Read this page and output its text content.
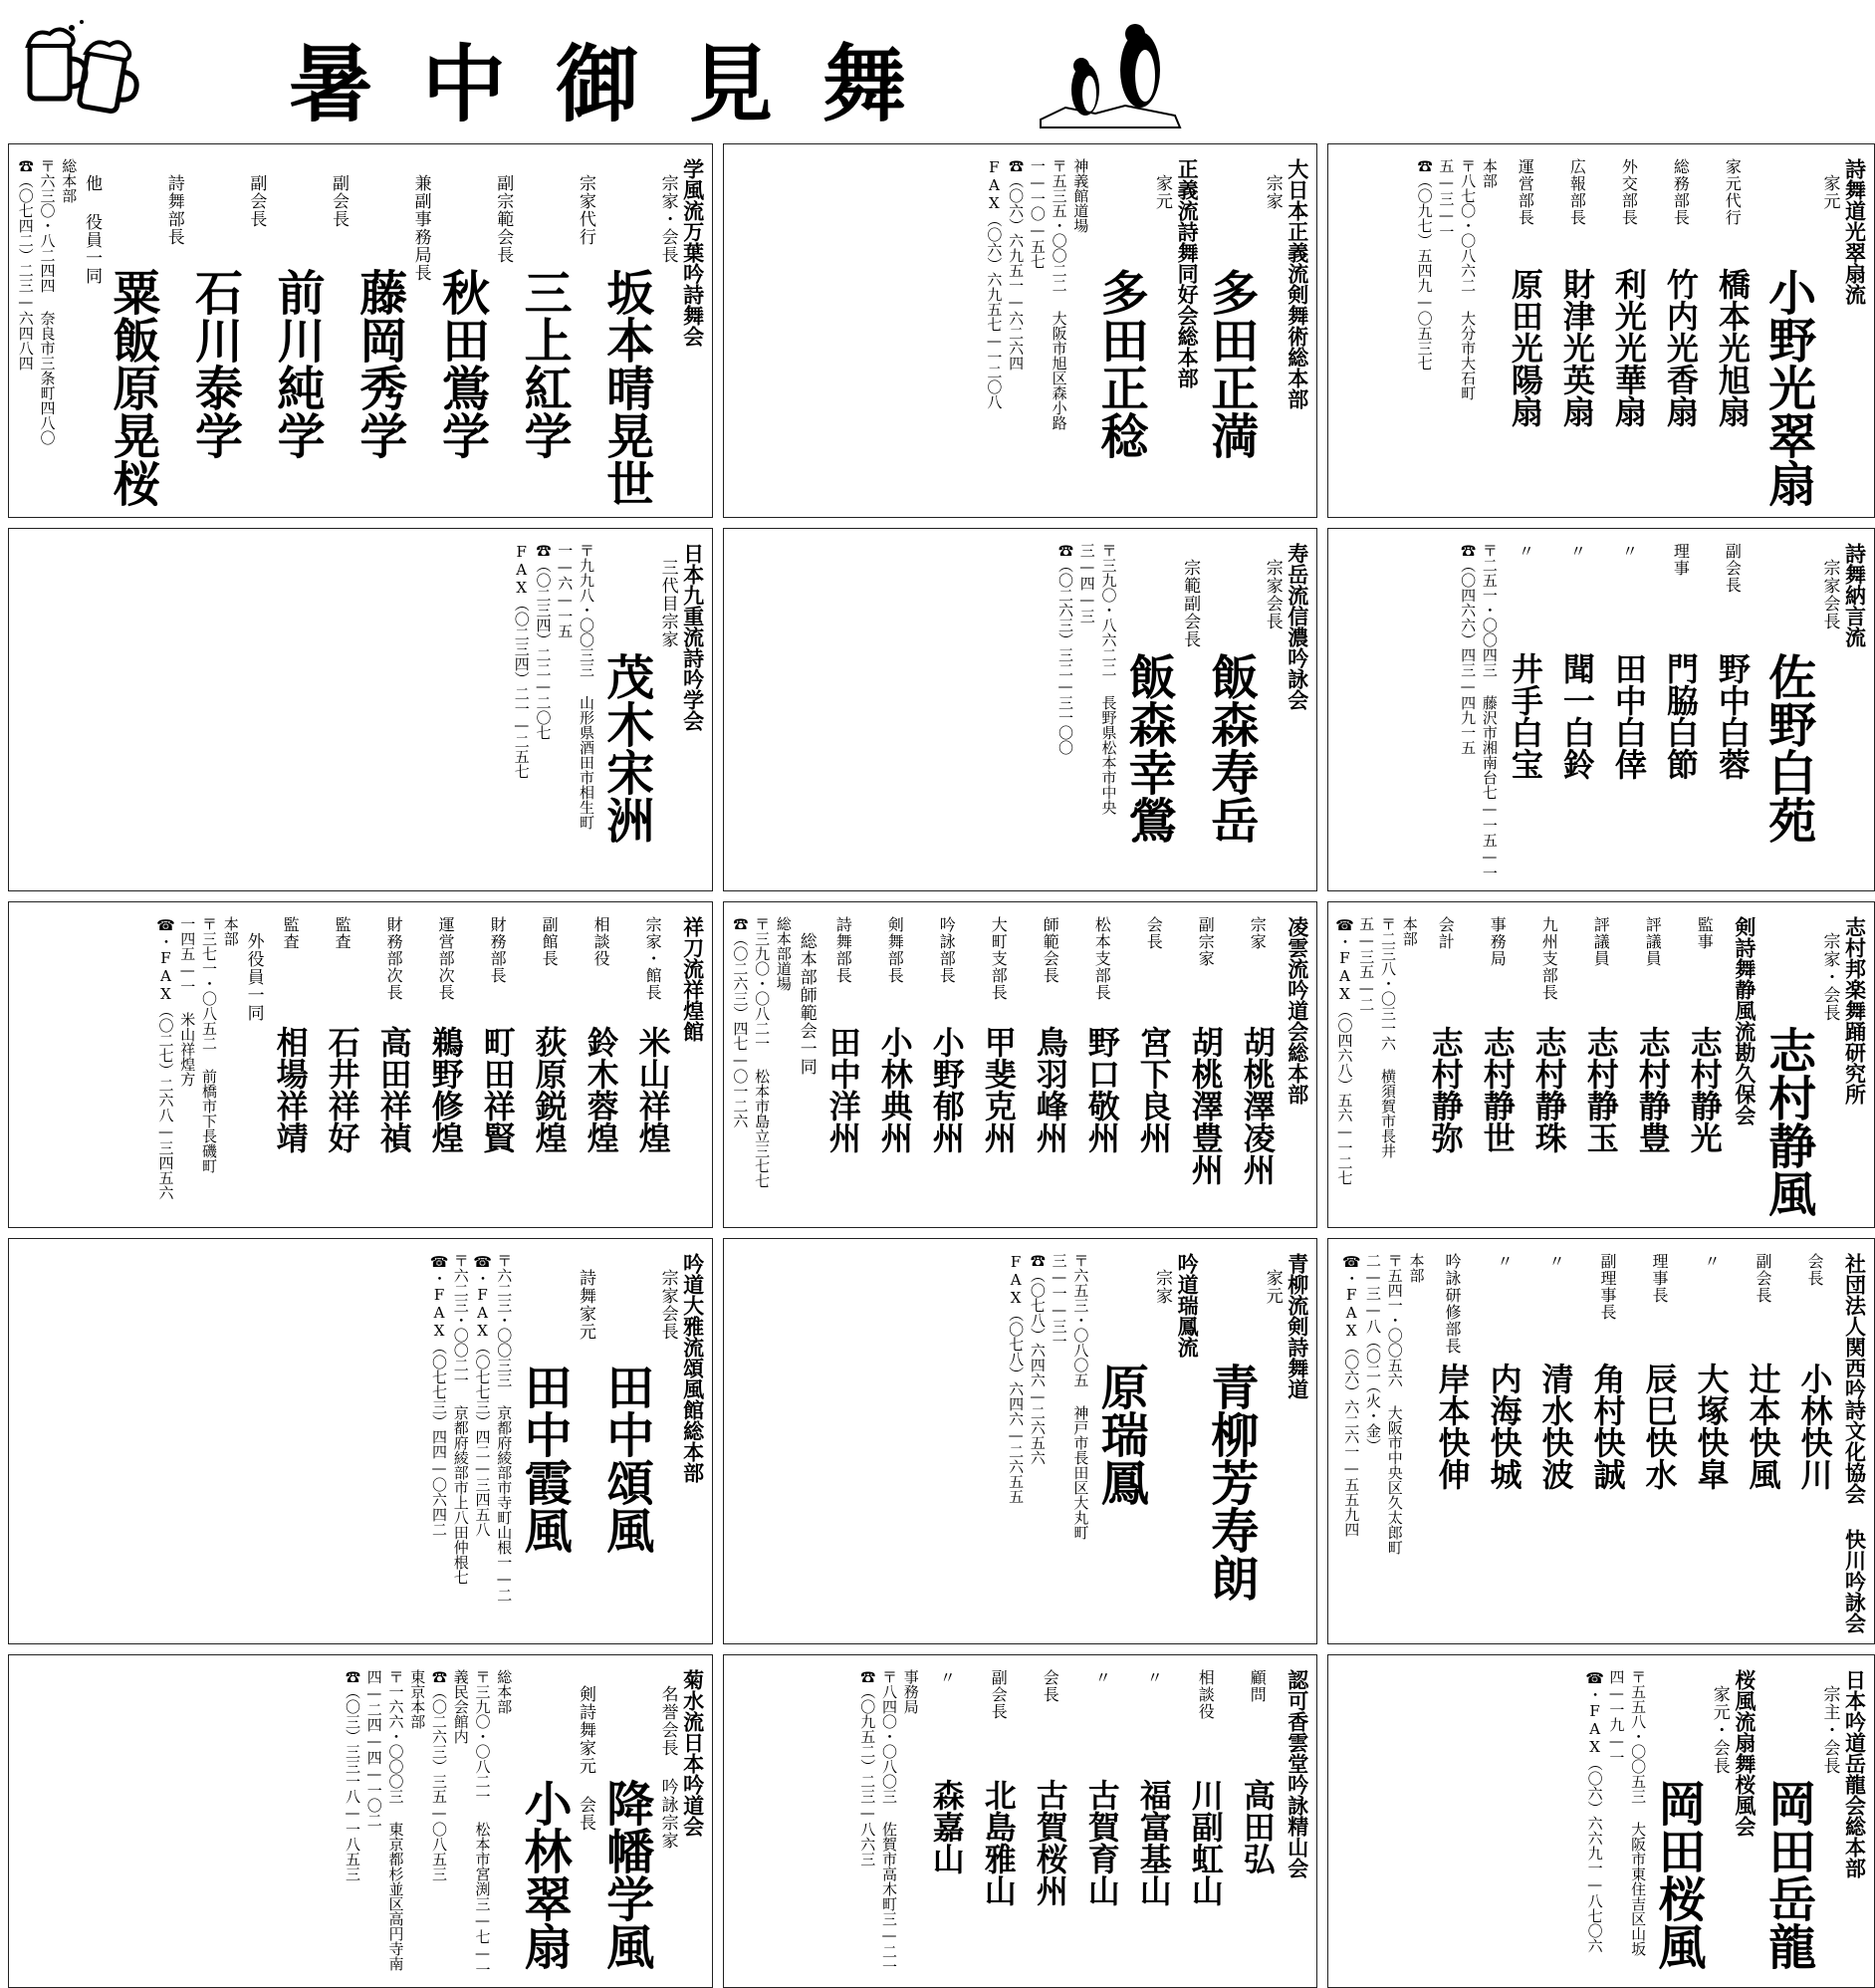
暑 中 御 見 舞
学風流万葉吟詩舞会
宗家・会長
坂本晴晃世
宗家代行
三上紅学
副宗範会長
秋田鴬学
兼副事務局長
藤岡秀学
副会長
前川純学
副会長
石川泰学
詩舞部長
粟飯原晃桜
他 役員一同
総本部
〒六三〇・八二四四 奈良市三条町四八〇
☎（〇七四二）二三—六四八四	大日本正義流剣舞術総本部
宗家
多田正満
正義流詩舞同好会総本部
家元
多田正稔
神義館道場
〒五三五・〇〇二二 大阪市旭区森小路
一—一〇—五七
☎（〇六）六九五一—六二六四
FAX（〇六）六九五七—一二〇八	詩舞道光翠扇流
家元
小野光翠扇
家元代行
橋本光旭扇
総務部長
竹内光香扇
外交部長
利光光華扇
広報部長
財津光英扇
運営部長
原田光陽扇
本部
〒八七〇・〇八六二 大分市大石町
五—三—一
☎（〇九七）五四九—〇五三七
日本九重流詩吟学会
三代目宗家
茂木宋洲
〒九九八・〇〇三三 山形県酒田市相生町
一—六—一五
☎（〇二三四）二二—二〇七
FAX（〇二三四）二一—二五七	寿岳流信濃吟詠会
宗家会長
飯森寿岳
宗範副会長
飯森幸鶯
〒三九〇・八六二二 長野県松本市中央
三—四—三
☎（〇二六三）三二—三一〇〇	詩舞納言流
宗家会長
佐野白苑
副会長
野中白蓉
理事
門脇白節
〃
田中白倖
〃
聞一白鈴
〃
井手白宝
〒二五一・〇〇四三 藤沢市湘南台七—一五—一
☎（〇四六六）四三—四九一五
祥刀流祥煌館
宗家・館長
米山祥煌
相談役
鈴木蓉煌
副館長
荻原鋭煌
財務部長
町田祥賢
運営部次長
鵜野修煌
財務部次長
高田祥禎
監査
石井祥好
監査
相場祥靖
外役員一同
本部
〒三七一・〇八五二 前橋市下長磯町
一四五—一 米山祥煌方
☎・FAX（〇二七）二六八—三四五六	凌雲流吟道会総本部
宗家
胡桃澤凌州
副宗家
胡桃澤豊州
会長
宮下良州
松本支部長
野口敬州
師範会長
鳥羽峰州
大町支部長
甲斐克州
吟詠部長
小野郁州
剣舞部長
小林典州
詩舞部長
田中洋州
総本部師範会一同
総本部道場
〒三九〇・〇八二一 松本市島立三七七
☎（〇二六三）四七—〇一二六	志村邦楽舞踊研究所
宗家・会長
志村静風
剣詩舞静風流勘久保会
監事
志村静光
評議員
志村静豊
評議員
志村静玉
九州支部長
志村静珠
事務局
志村静世
会計
志村静弥
本部
〒二三八・〇三一六 横須賀市長井
五—三五—二
☎・FAX（〇四六八）五六—一二七
吟道大雅流頌風館総本部
宗家会長
田中頌風
詩舞家元
田中霞風
〒六二三・〇〇三三 京都府綾部市寺町山根一—二
☎・FAX（〇七七三）四二—三四五八
〒六二三・〇〇二一 京都府綾部市上八田仲根七
☎・FAX（〇七七三）四四—〇六四二	青柳流剣詩舞道
家元
青柳芳寿朗
吟道瑞鳳流
宗家
原瑞鳳
〒六五三・〇八〇五 神戸市長田区大丸町
三—一—三一
☎（〇七八）六四六—二六五六
FAX（〇七八）六四六—二六五五	社団法人関西吟詩文化協会 快川吟詠会
会長
小林快川
副会長
辻本快風
〃
大塚快皐
理事長
辰巳快水
副理事長
角村快誠
〃
清水快波
〃
内海快城
吟詠研修部長
岸本快伸
本部
〒五四一・〇〇五六 大阪市中央区久太郎町
二—三—八（〇二（火・金）
☎・FAX（〇六）六二六一—五五九四
菊水流日本吟道会
名誉会長 吟詠宗家
降幡学風
剣詩舞家元 会長
小林翠扇
総本部
〒三九〇・〇八二一 松本市宮渕三—七—一
義民会館内
☎（〇二六三）三五—〇八五三
東京本部
〒一六六・〇〇〇三 東京都杉並区高円寺南
四—二四—四—一〇二
☎（〇三）三三一八—一八五三	認可香雲堂吟詠精山会
顧問
高田弘
相談役
川副虹山
〃
福富基山
〃
古賀育山
会長
古賀桜州
副会長
北島雅山
〃
森嘉山
事務局
〒八四〇・〇八〇三 佐賀市高木町三—二一
☎（〇九五二）二三—八六三	日本吟道岳龍会総本部
宗主・会長
岡田岳龍
桜風流扇舞桜風会
家元・会長
岡田桜風
〒五五八・〇〇五三 大阪市東住吉区山坂
四—一九—一
☎・FAX（〇六）六六九一—八七〇六
